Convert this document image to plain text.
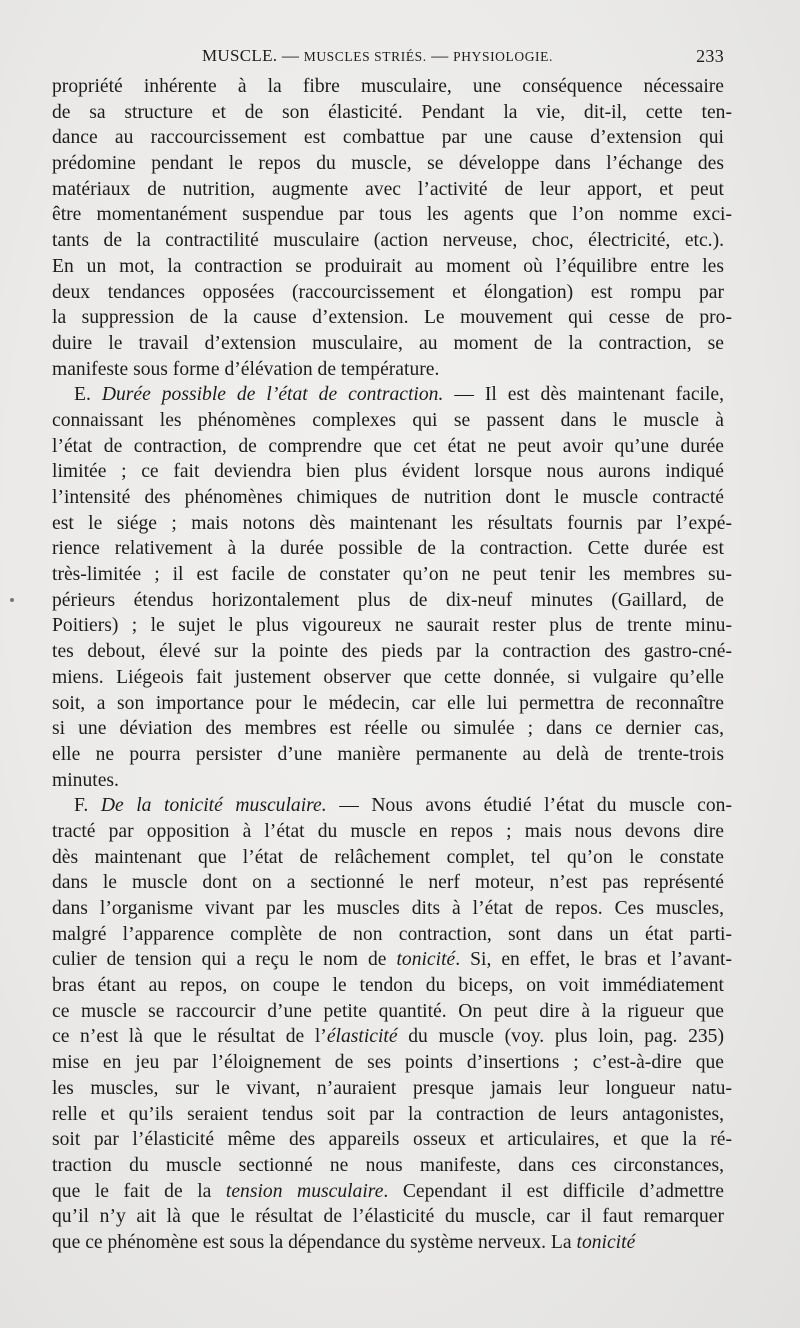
MUSCLE. — MUSCLES STRIÉS. — PHYSIOLOGIE.	233
propriété inhérente à la fibre musculaire, une conséquence nécessaire
de sa structure et de son élasticité. Pendant la vie, dit-il, cette ten-
dance au raccourcissement est combattue par une cause d’extension qui
prédomine pendant le repos du muscle, se développe dans l’échange des
matériaux de nutrition, augmente avec l’activité de leur apport, et peut
être momentanément suspendue par tous les agents que l’on nomme exci-
tants de la contractilité musculaire (action nerveuse, choc, électricité, etc.).
En un mot, la contraction se produirait au moment où l’équilibre entre les
deux tendances opposées (raccourcissement et élongation) est rompu par
la suppression de la cause d’extension. Le mouvement qui cesse de pro-
duire le travail d’extension musculaire, au moment de la contraction, se
manifeste sous forme d’élévation de température.
E. Durée possible de l’état de contraction. — Il est dès maintenant facile,
connaissant les phénomènes complexes qui se passent dans le muscle à
l’état de contraction, de comprendre que cet état ne peut avoir qu’une durée
limitée ; ce fait deviendra bien plus évident lorsque nous aurons indiqué
l’intensité des phénomènes chimiques de nutrition dont le muscle contracté
est le siége ; mais notons dès maintenant les résultats fournis par l’expé-
rience relativement à la durée possible de la contraction. Cette durée est
très-limitée ; il est facile de constater qu’on ne peut tenir les membres su-
périeurs étendus horizontalement plus de dix-neuf minutes (Gaillard, de
Poitiers) ; le sujet le plus vigoureux ne saurait rester plus de trente minu-
tes debout, élevé sur la pointe des pieds par la contraction des gastro-cné-
miens. Liégeois fait justement observer que cette donnée, si vulgaire qu’elle
soit, a son importance pour le médecin, car elle lui permettra de reconnaître
si une déviation des membres est réelle ou simulée ; dans ce dernier cas,
elle ne pourra persister d’une manière permanente au delà de trente-trois
minutes.
F. De la tonicité musculaire. — Nous avons étudié l’état du muscle con-
tracté par opposition à l’état du muscle en repos ; mais nous devons dire
dès maintenant que l’état de relâchement complet, tel qu’on le constate
dans le muscle dont on a sectionné le nerf moteur, n’est pas représenté
dans l’organisme vivant par les muscles dits à l’état de repos. Ces muscles,
malgré l’apparence complète de non contraction, sont dans un état parti-
culier de tension qui a reçu le nom de tonicité. Si, en effet, le bras et l’avant-
bras étant au repos, on coupe le tendon du biceps, on voit immédiatement
ce muscle se raccourcir d’une petite quantité. On peut dire à la rigueur que
ce n’est là que le résultat de l’élasticité du muscle (voy. plus loin, pag. 235)
mise en jeu par l’éloignement de ses points d’insertions ; c’est-à-dire que
les muscles, sur le vivant, n’auraient presque jamais leur longueur natu-
relle et qu’ils seraient tendus soit par la contraction de leurs antagonistes,
soit par l’élasticité même des appareils osseux et articulaires, et que la ré-
traction du muscle sectionné ne nous manifeste, dans ces circonstances,
que le fait de la tension musculaire. Cependant il est difficile d’admettre
qu’il n’y ait là que le résultat de l’élasticité du muscle, car il faut remarquer
que ce phénomène est sous la dépendance du système nerveux. La tonicité
